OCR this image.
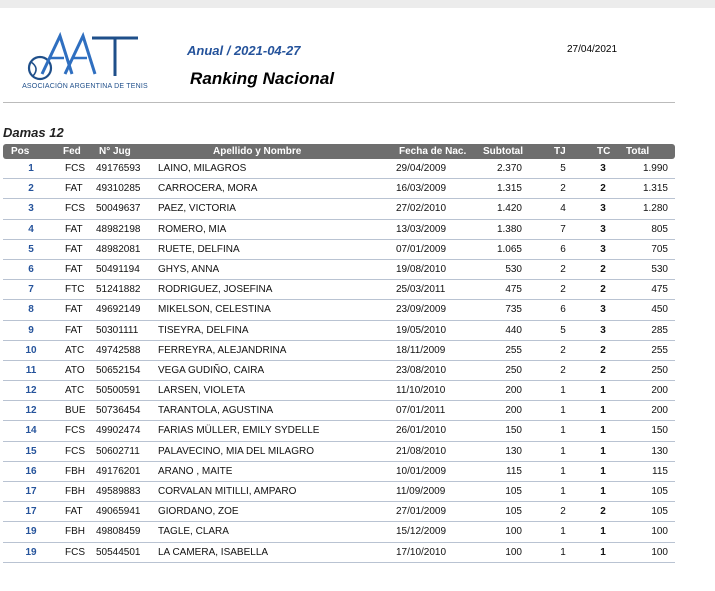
ASOCIACIÓN ARGENTINA DE TENIS
Anual / 2021-04-27
Ranking Nacional
27/04/2021
Damas 12
Pos	Fed N° Jug	Apellido y Nombre	Fecha de Nac. Subtotal	TJ	TC Total
1	FCS 49176593 LAINO, MILAGROS	29/04/2009	2.370	5	3	1.990
2	FAT 49310285 CARROCERA, MORA	16/03/2009	1.315	2	2	1.315
3	FCS 50049637 PAEZ, VICTORIA	27/02/2010	1.420	4	3	1.280
4	FAT 48982198 ROMERO, MIA	13/03/2009	1.380	7	3	805
5	FAT 48982081 RUETE, DELFINA	07/01/2009	1.065	6	3	705
6	FAT 50491194 GHYS, ANNA	19/08/2010	530	2	2	530
7	FTC 51241882 RODRIGUEZ, JOSEFINA	25/03/2011	475	2	2	475
8	FAT 49692149 MIKELSON, CELESTINA	23/09/2009	735	6	3	450
9	FAT 50301111 TISEYRA, DELFINA	19/05/2010	440	5	3	285
10	ATC 49742588 FERREYRA, ALEJANDRINA	18/11/2009	255	2	2	255
11	ATO 50652154 VEGA GUDIÑO, CAIRA	23/08/2010	250	2	2	250
12	ATC 50500591 LARSEN, VIOLETA	11/10/2010	200	1	1	200
12	BUE 50736454 TARANTOLA, AGUSTINA	07/01/2011	200	1	1	200
14	FCS 49902474 FARIAS MÜLLER, EMILY SYDELLE	26/01/2010	150	1	1	150
15	FCS 50602711 PALAVECINO, MIA DEL MILAGRO	21/08/2010	130	1	1	130
16	FBH 49176201 ARANO , MAITE	10/01/2009	115	1	1	115
17	FBH 49589883 CORVALAN MITILLI, AMPARO	11/09/2009	105	1	1	105
17	FAT 49065941 GIORDANO, ZOE	27/01/2009	105	2	2	105
19	FBH 49808459 TAGLE, CLARA	15/12/2009	100	1	1	100
19	FCS 50544501 LA CAMERA, ISABELLA	17/10/2010	100	1	1	100
